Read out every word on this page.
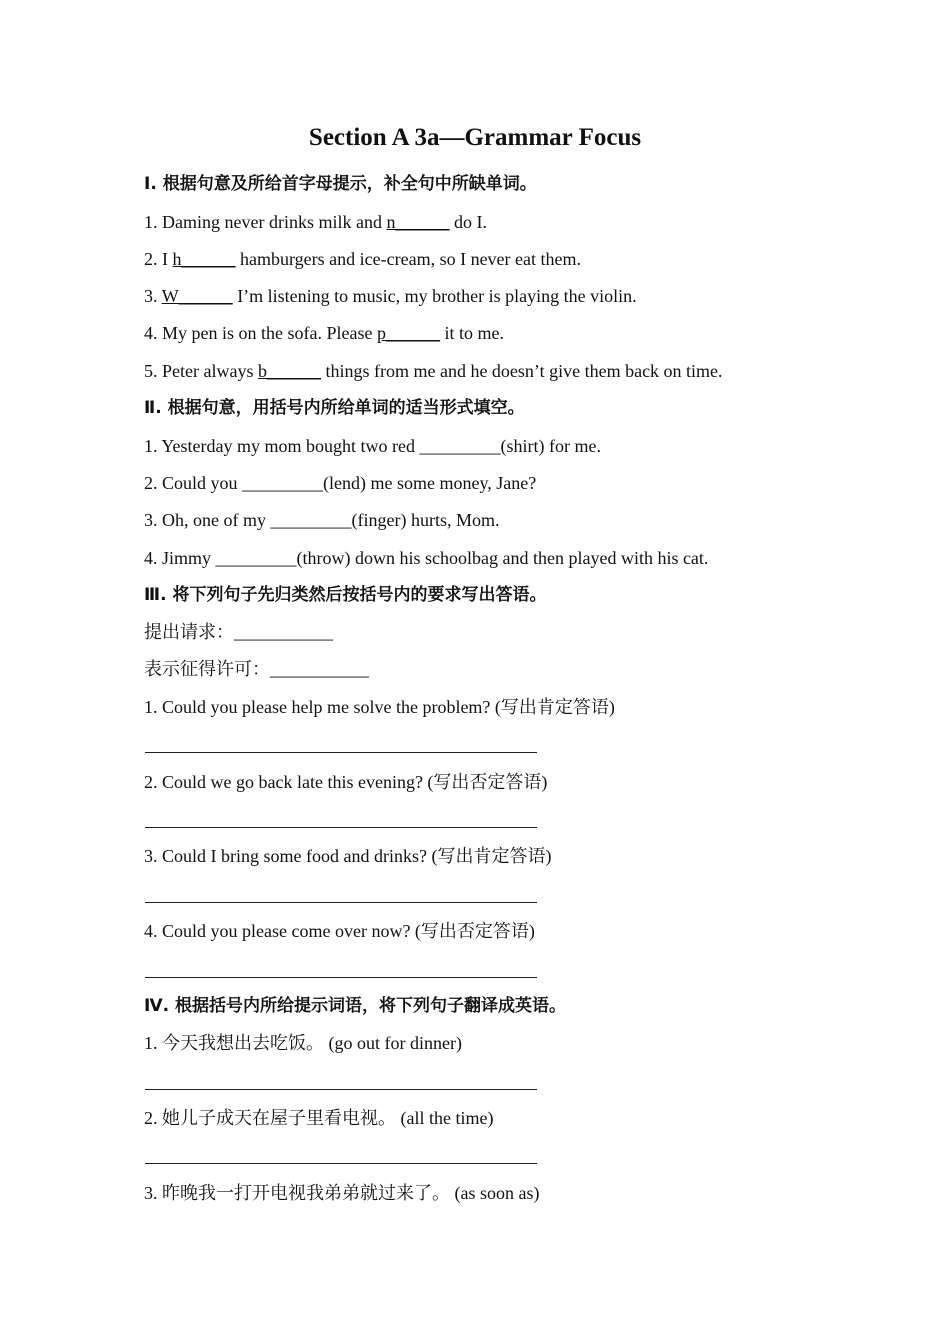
Section A 3a—Grammar Focus
Ⅰ. 根据句意及所给首字母提示，补全句中所缺单词。
1. Daming never drinks milk and n______ do I.
2. I h______ hamburgers and ice-cream, so I never eat them.
3. W______ I’m listening to music, my brother is playing the violin.
4. My pen is on the sofa. Please p______ it to me.
5. Peter always b______ things from me and he doesn’t give them back on time.
Ⅱ. 根据句意，用括号内所给单词的适当形式填空。
1. Yesterday my mom bought two red _________(shirt) for me.
2. Could you _________(lend) me some money, Jane?
3. Oh, one of my _________(finger) hurts, Mom.
4. Jimmy _________(throw) down his schoolbag and then played with his cat.
Ⅲ. 将下列句子先归类然后按括号内的要求写出答语。
提出请求：___________
表示征得许可：___________
1. Could you please help me solve the problem? (写出肯定答语)
2. Could we go back late this evening? (写出否定答语)
3. Could I bring some food and drinks? (写出肯定答语)
4. Could you please come over now? (写出否定答语)
Ⅳ. 根据括号内所给提示词语，将下列句子翻译成英语。
1. 今天我想出去吃饭。 (go out for dinner)
2. 她儿子成天在屋子里看电视。 (all the time)
3. 昨晚我一打开电视我弟弟就过来了。 (as soon as)
